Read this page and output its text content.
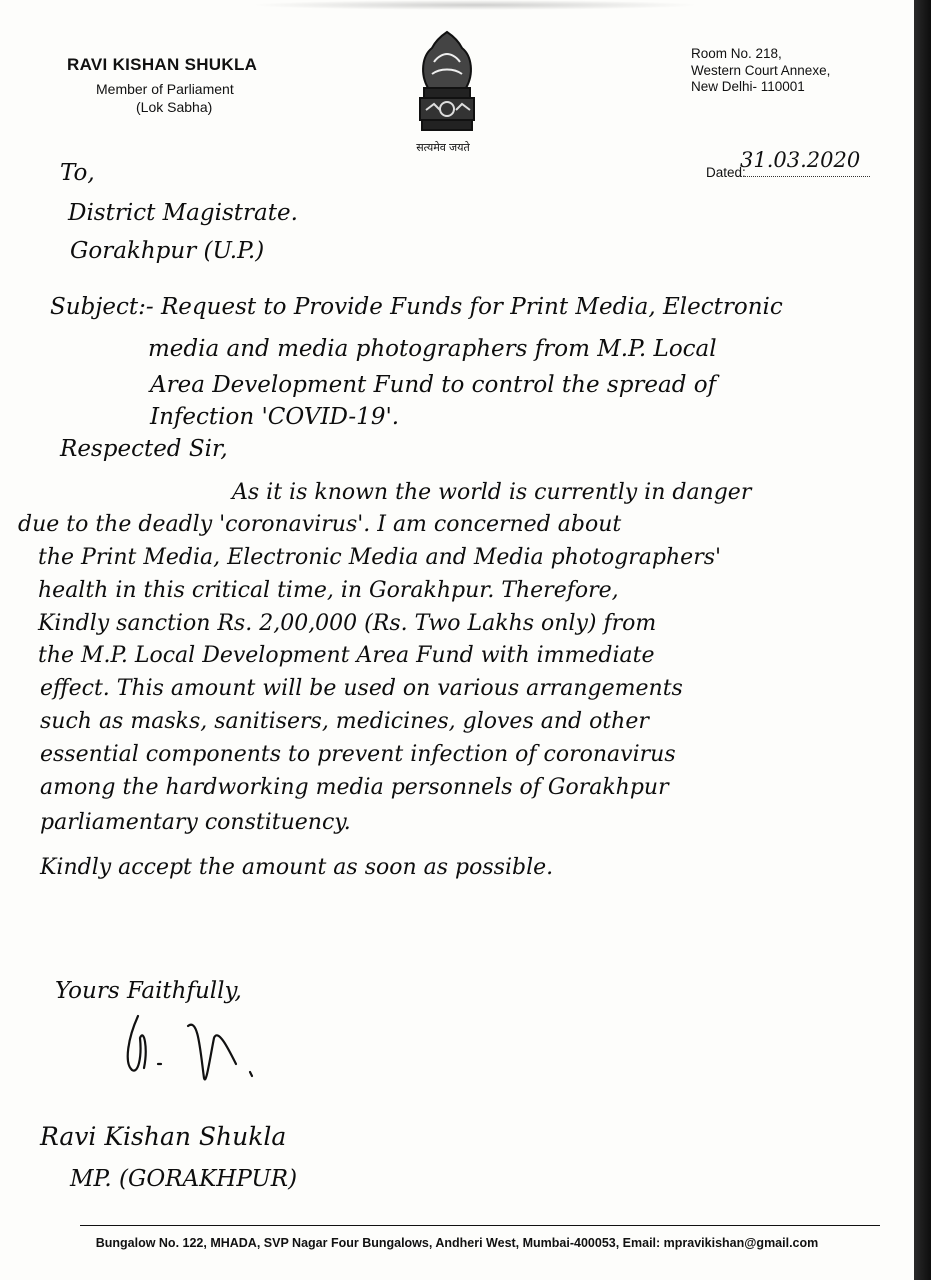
RAVI KISHAN SHUKLA
Member of Parliament
(Lok Sabha)
सत्यमेव जयते
Room No. 218,
Western Court Annexe,
New Delhi- 110001
Dated:
31.03.2020
To,
District Magistrate.
Gorakhpur (U.P.)
Subject:- Request to Provide Funds for Print Media, Electronic
media and media photographers from M.P. Local
Area Development Fund to control the spread of
Infection 'COVID-19'.
Respected Sir,
As it is known the world is currently in danger
due to the deadly 'coronavirus'. I am concerned about
the Print Media, Electronic Media and Media photographers'
health in this critical time, in Gorakhpur. Therefore,
Kindly sanction Rs. 2,00,000 (Rs. Two Lakhs only) from
the M.P. Local Development Area Fund with immediate
effect. This amount will be used on various arrangements
such as masks, sanitisers, medicines, gloves and other
essential components to prevent infection of coronavirus
among the hardworking media personnels of Gorakhpur
parliamentary constituency.
Kindly accept the amount as soon as possible.
Yours Faithfully,
Ravi Kishan Shukla
MP. (GORAKHPUR)
Bungalow No. 122, MHADA, SVP Nagar Four Bungalows, Andheri West, Mumbai-400053, Email: mpravikishan@gmail.com
